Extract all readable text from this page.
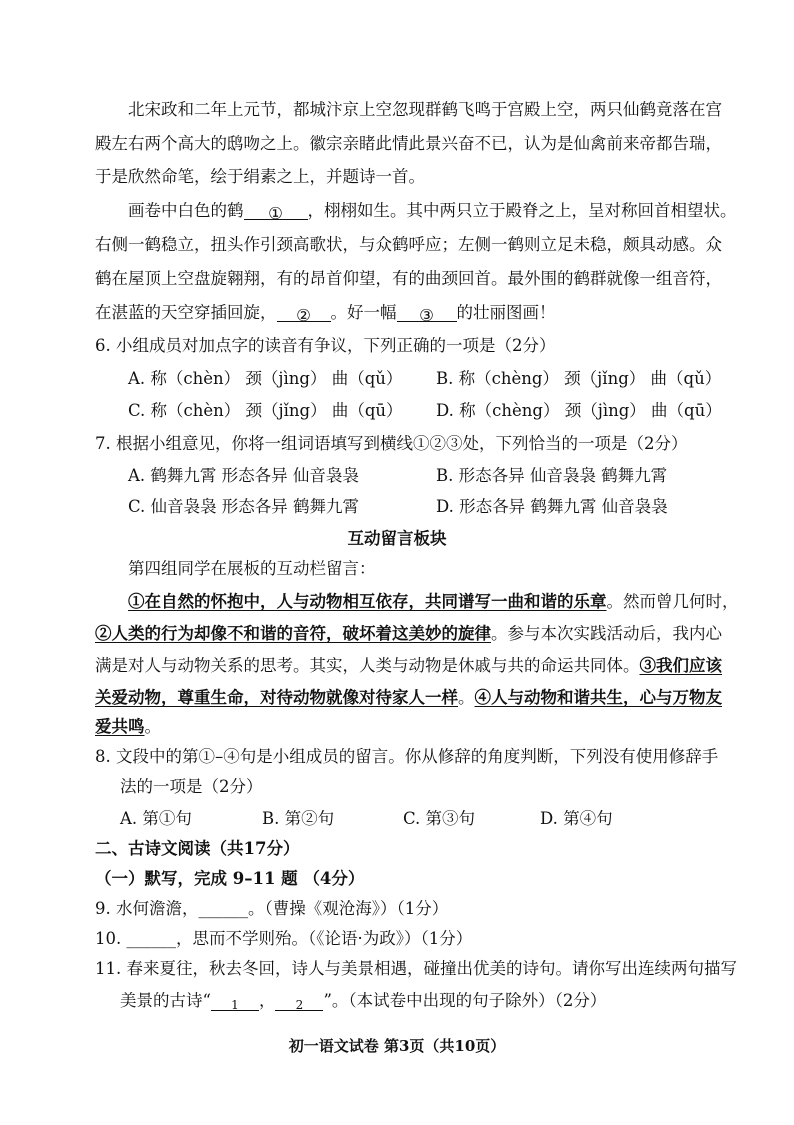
北宋政和二年上元节，都城汴京上空忽现群鹤飞鸣于宫殿上空，两只仙鹤竟落在宫
殿左右两个高大的鸱吻之上。徽宗亲睹此情此景兴奋不已，认为是仙禽前来帝都告瑞，
于是欣然命笔，绘于绢素之上，并题诗一首。
画卷中白色的鹤 ① ，栩栩如生。其中两只立于殿脊之上，呈对称回首相望状。
右侧一鹤稳立，扭头作引颈高歌状，与众鹤呼应；左侧一鹤则立足未稳，颇具动感。众
鹤在屋顶上空盘旋翱翔，有的昂首仰望，有的曲颈回首。最外围的鹤群就像一组音符，
在湛蓝的天空穿插回旋， ② 。好一幅 ③ 的壮丽图画！
6. 小组成员对加点字的读音有争议，下列正确的一项是（2分）
A. 称（chèn） 颈（jìng） 曲（qǔ） B. 称（chèng） 颈（jǐng） 曲（qǔ）
C. 称（chèn） 颈（jǐng） 曲（qū） D. 称（chèng） 颈（jìng） 曲（qū）
7. 根据小组意见，你将一组词语填写到横线①②③处，下列恰当的一项是（2分）
A. 鹤舞九霄 形态各异 仙音袅袅	B. 形态各异 仙音袅袅 鹤舞九霄
C. 仙音袅袅 形态各异 鹤舞九霄	D. 形态各异 鹤舞九霄 仙音袅袅
互动留言板块
第四组同学在展板的互动栏留言：
①在自然的怀抱中，人与动物相互依存，共同谱写一曲和谐的乐章。然而曾几何时，
②人类的行为却像不和谐的音符，破坏着这美妙的旋律。参与本次实践活动后，我内心
满是对人与动物关系的思考。其实，人类与动物是休戚与共的命运共同体。③我们应该
关爱动物，尊重生命，对待动物就像对待家人一样。④人与动物和谐共生，心与万物友
爱共鸣。
8. 文段中的第①–④句是小组成员的留言。你从修辞的角度判断，下列没有使用修辞手
法的一项是（2分）
A. 第①句	B. 第②句	C. 第③句	D. 第④句
二、古诗文阅读（共17分）
（一）默写，完成 9–11 题 （4分）
9. 水何澹澹，______。（曹操《观沧海》）（1分）
10. ______，思而不学则殆。（《论语·为政》）（1分）
11. 春来夏往，秋去冬回，诗人与美景相遇，碰撞出优美的诗句。请你写出连续两句描写
美景的古诗“ 1 ， 2 ”。（本试卷中出现的句子除外）（2分）
初一语文试卷 第3页（共10页）
